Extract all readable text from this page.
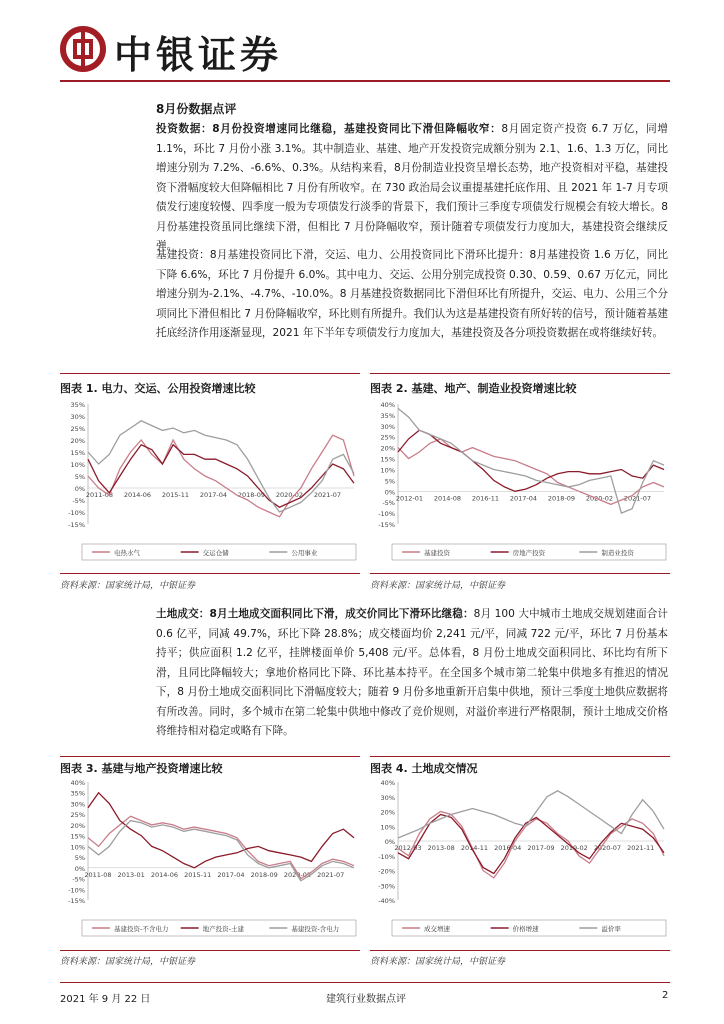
中银证券
8月份数据点评
投资数据：8月份投资增速同比继稳，基建投资同比下滑但降幅收窄：8月固定资产投资 6.7 万亿，同增 1.1%，环比 7 月份小涨 3.1%。其中制造业、基建、地产开发投资完成额分别为 2.1、1.6、1.3 万亿，同比增速分别为 7.2%、-6.6%、0.3%。从结构来看，8月份制造业投资呈增长态势，地产投资相对平稳，基建投资下滑幅度较大但降幅相比 7 月份有所收窄。在 730 政治局会议重提基建托底作用、且 2021 年 1-7 月专项债发行速度较慢、四季度一般为专项债发行淡季的背景下，我们预计三季度专项债发行规模会有较大增长。8月份基建投资虽同比继续下滑，但相比 7 月份降幅收窄，预计随着专项债发行力度加大，基建投资会继续反弹。
基建投资：8月基建投资同比下滑，交运、电力、公用投资同比下滑环比提升：8月基建投资 1.6 万亿，同比下降 6.6%，环比 7 月份提升 6.0%。其中电力、交运、公用分别完成投资 0.30、0.59、0.67 万亿元，同比增速分别为-2.1%、-4.7%、-10.0%。8 月基建投资数据同比下滑但环比有所提升，交运、电力、公用三个分项同比下滑但相比 7 月份降幅收窄，环比则有所提升。我们认为这是基建投资有所好转的信号，预计随着基建托底经济作用逐渐显现，2021 年下半年专项债发行力度加大，基建投资及各分项投资数据在或将继续好转。
图表 1. 电力、交运、公用投资增速比较	图表 2. 基建、地产、制造业投资增速比较
35%
30%
25%
20%
15%
10%
5%
0%
-5%
-10%
-15%
2011-08 2014-06 2015-11 2017-04 2018-09 2020-02 2021-07
电热水气	交运仓储	公用事业
40%
35%
30%
25%
20%
15%
10%
5%
0%
-5%
-10%
-15%
2012-01 2014-08 2016-11 2017-04 2018-09 2020-02 2021-07
基建投资	房地产投资	制造业投资
资料来源：国家统计局，中银证券	资料来源：国家统计局，中银证券
土地成交：8月土地成交面积同比下滑，成交价同比下滑环比继稳：8月 100 大中城市土地成交规划建面合计 0.6 亿平，同减 49.7%，环比下降 28.8%；成交楼面均价 2,241 元/平，同减 722 元/平，环比 7 月份基本持平；供应面积 1.2 亿平，挂牌楼面单价 5,408 元/平。总体看，8 月份土地成交面积同比、环比均有所下滑，且同比降幅较大；拿地价格同比下降、环比基本持平。在全国多个城市第二轮集中供地多有推迟的情况下，8 月份土地成交面积同比下滑幅度较大；随着 9 月份多地重新开启集中供地，预计三季度土地供应数据将有所改善。同时，多个城市在第二轮集中供地中修改了竞价规则，对溢价率进行严格限制，预计土地成交价格将维持相对稳定或略有下降。
图表 3. 基建与地产投资增速比较	图表 4. 土地成交情况
40%
35%
30%
25%
20%
15%
10%
5%
0%
-5%
-10%
-15%
2011-08 2013-01 2014-06 2015-11 2017-04 2018-09 2020-02 2021-07
基建投资-不含电力	地产投资-土建	基建投资-含电力
40%
30%
20%
10%
0%
-10%
-20%
-30%
-40%
2012-03 2013-08 2014-11 2016-04 2017-09 2019-02 2020-07 2021-11
成交增速	价格增速	溢价率
资料来源：国家统计局，中银证券	资料来源：国家统计局，中银证券
2021 年 9 月 22 日	建筑行业数据点评	2
